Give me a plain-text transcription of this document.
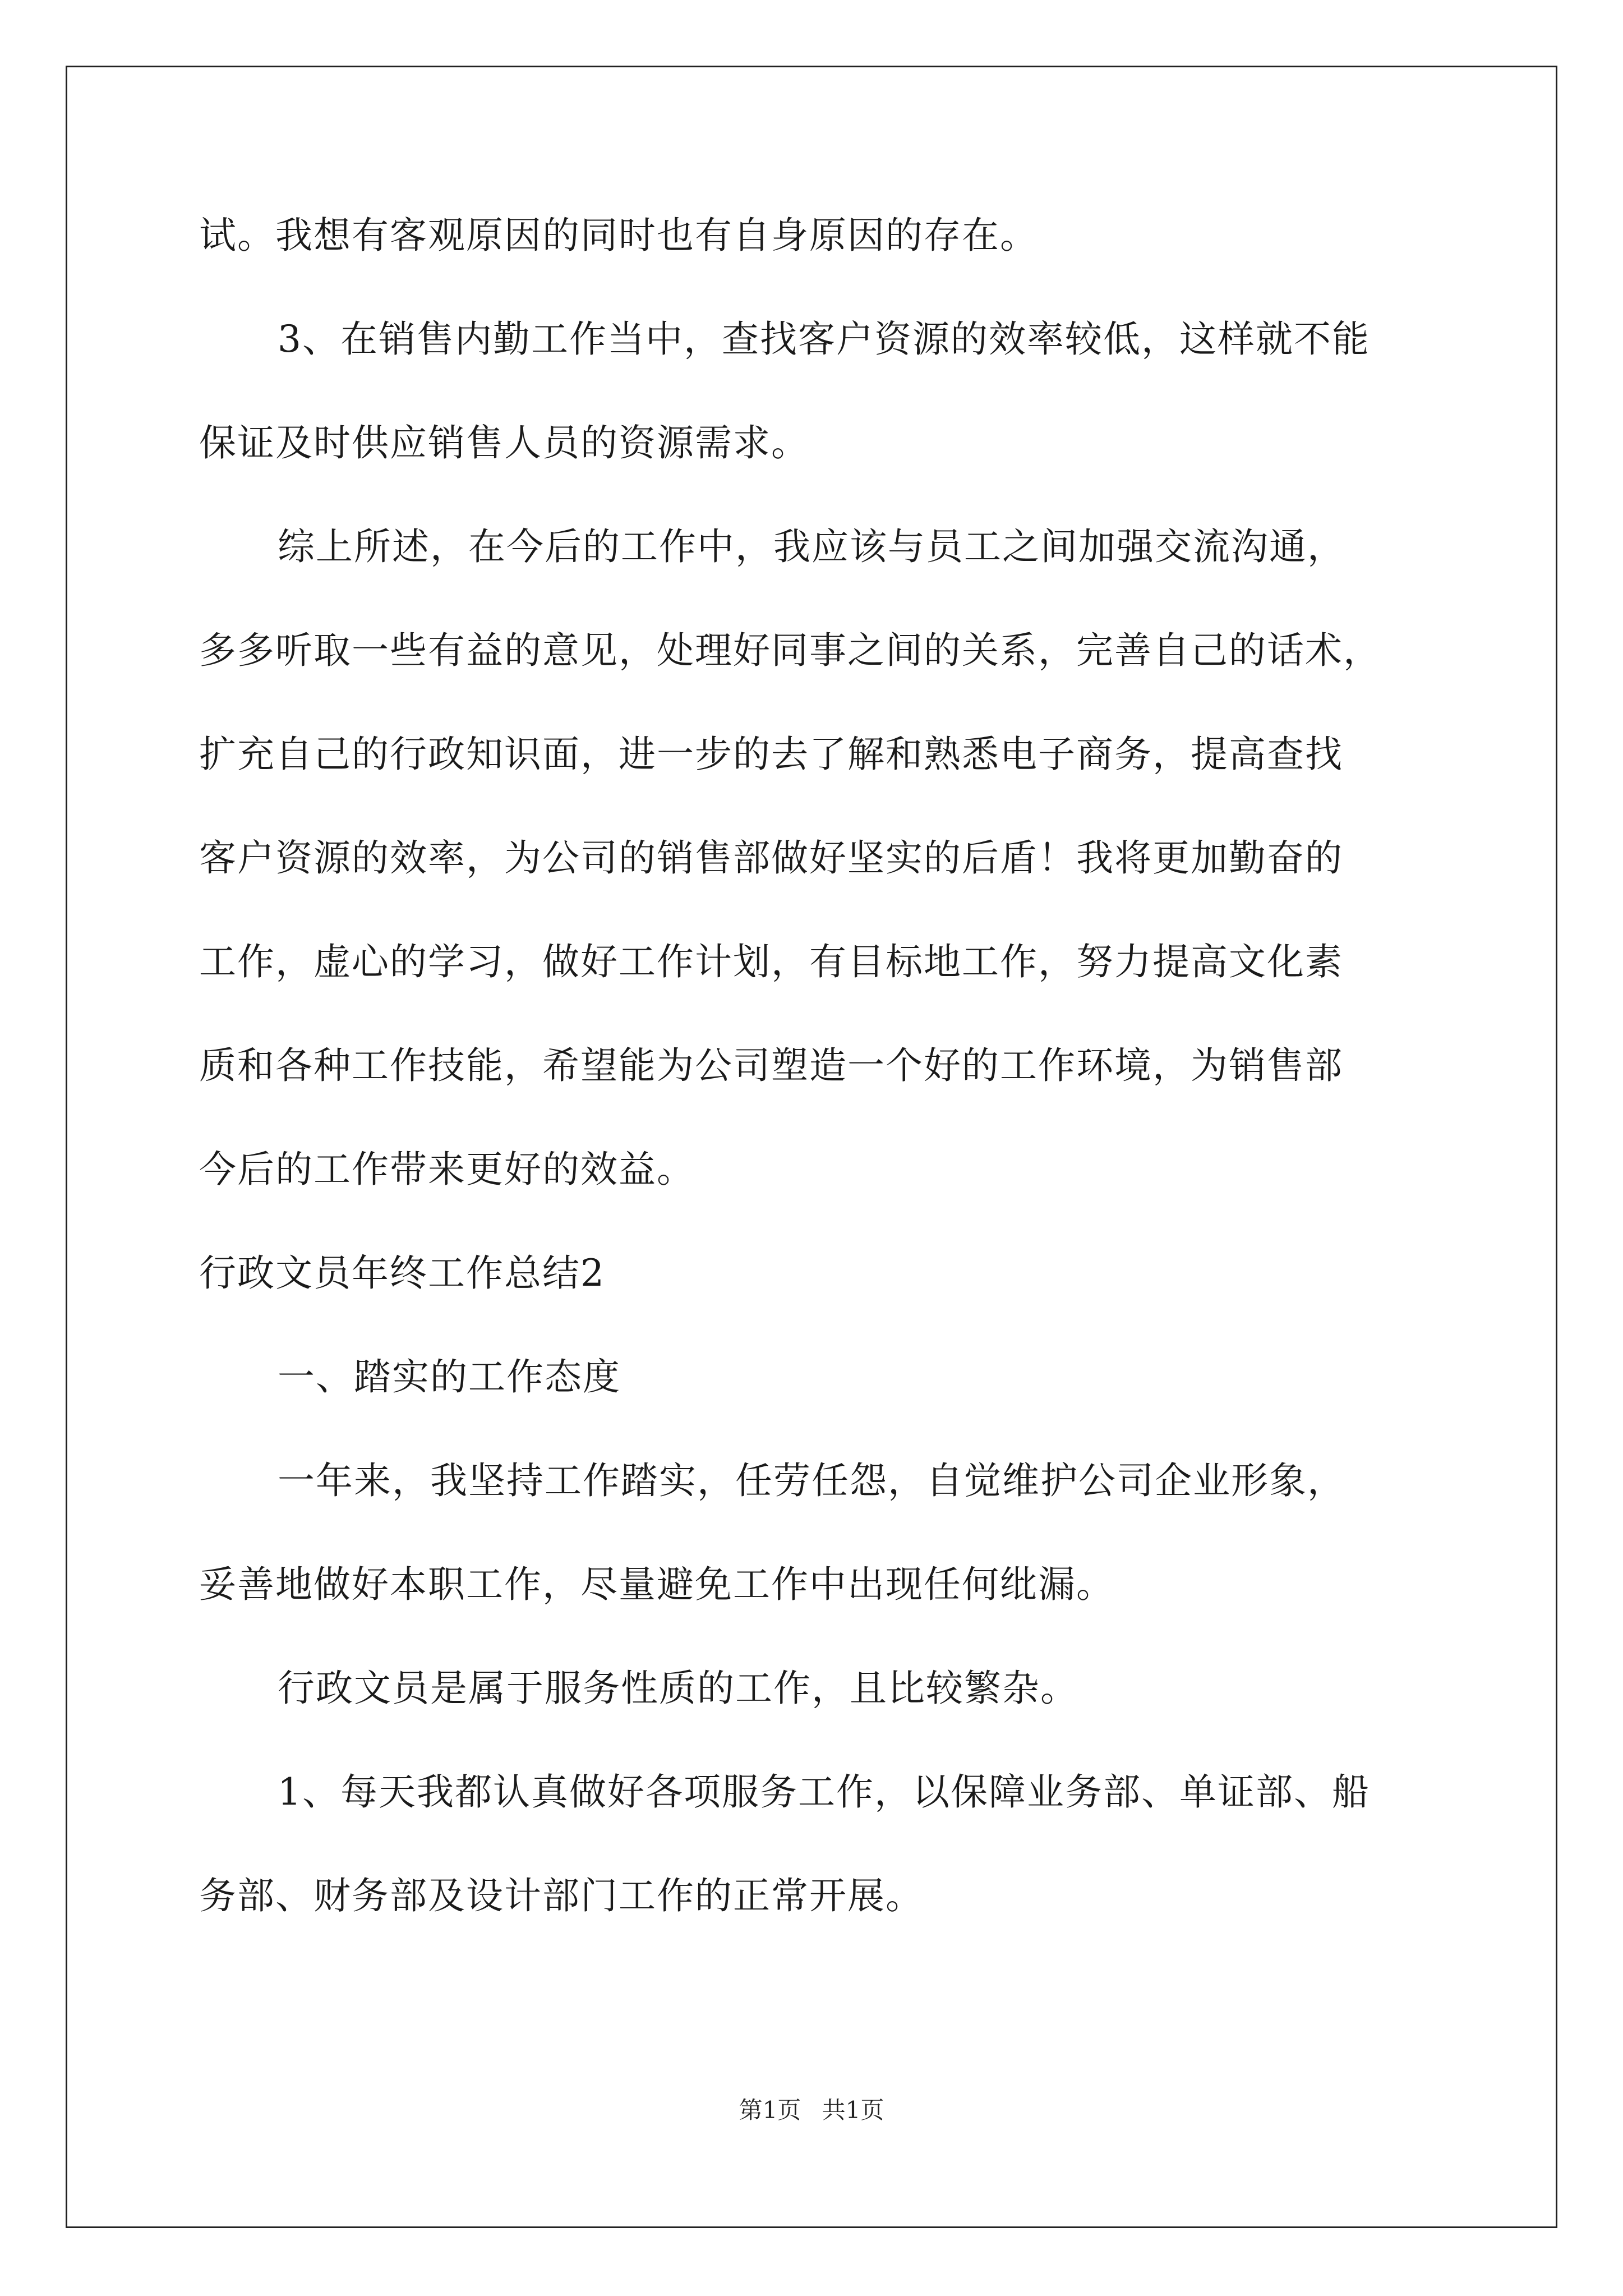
试。我想有客观原因的同时也有自身原因的存在。
3、在销售内勤工作当中，查找客户资源的效率较低，这样就不能
保证及时供应销售人员的资源需求。
综上所述，在今后的工作中，我应该与员工之间加强交流沟通，
多多听取一些有益的意见，处理好同事之间的关系，完善自己的话术，
扩充自己的行政知识面，进一步的去了解和熟悉电子商务，提高查找
客户资源的效率，为公司的销售部做好坚实的后盾！我将更加勤奋的
工作，虚心的学习，做好工作计划，有目标地工作，努力提高文化素
质和各种工作技能，希望能为公司塑造一个好的工作环境，为销售部
今后的工作带来更好的效益。
行政文员年终工作总结2
一、踏实的工作态度
一年来，我坚持工作踏实，任劳任怨，自觉维护公司企业形象，
妥善地做好本职工作，尽量避免工作中出现任何纰漏。
行政文员是属于服务性质的工作，且比较繁杂。
1、每天我都认真做好各项服务工作，以保障业务部、单证部、船
务部、财务部及设计部门工作的正常开展。
第1页 共1页
